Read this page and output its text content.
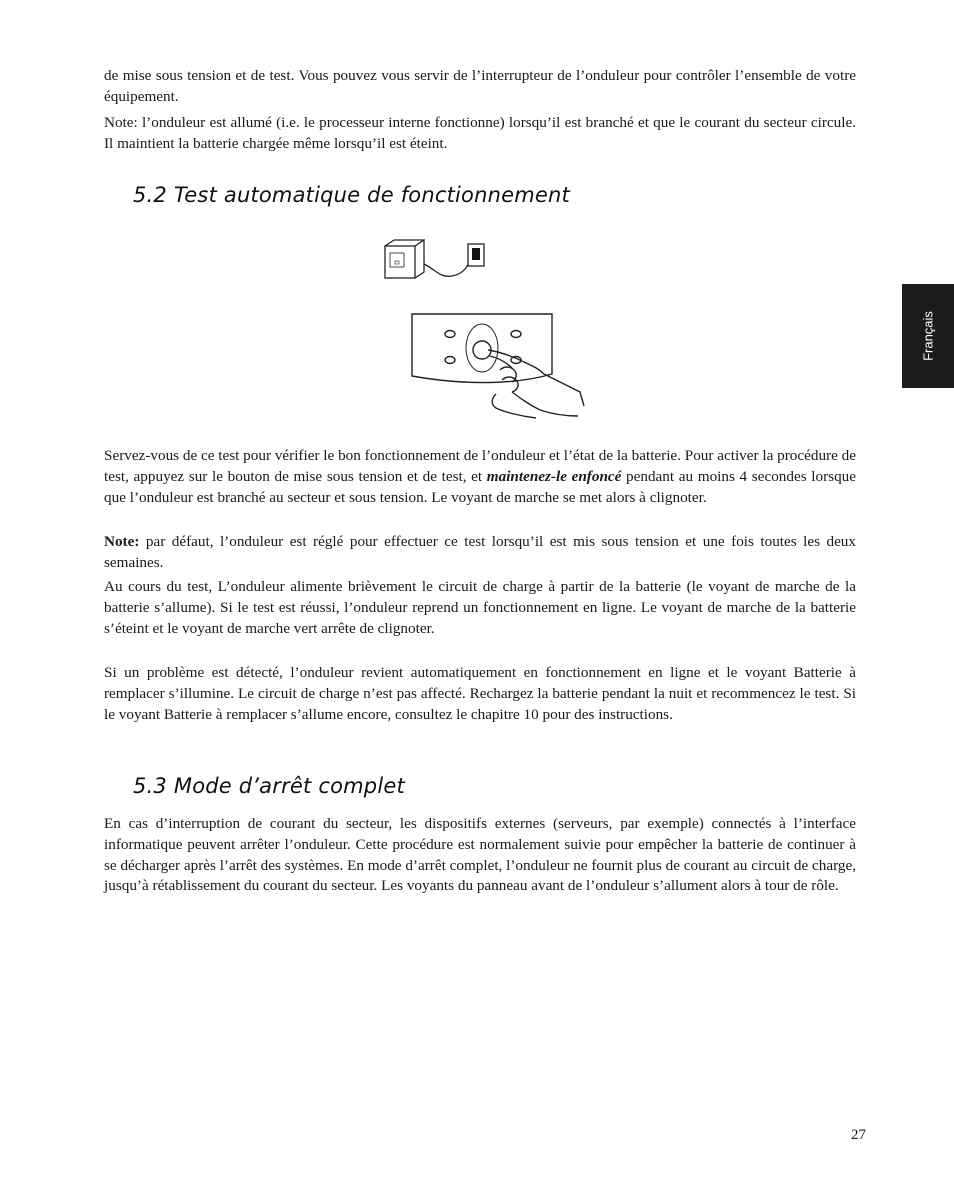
de mise sous tension et de test. Vous pouvez vous servir de l’interrupteur de l’onduleur pour contrôler l’ensemble de votre équipement.

Note: l’onduleur est allumé (i.e. le processeur interne fonctionne) lorsqu’il est branché et que le courant du secteur circule. Il maintient la batterie chargée même lorsqu’il est éteint.

5.2 Test automatique de fonctionnement

Servez-vous de ce test pour vérifier le bon fonctionnement de l’onduleur et l’état de la batterie. Pour activer la procédure de test, appuyez sur le bouton de mise sous tension et de test, et maintenez-le enfoncé pendant au moins 4 secondes lorsque que l’onduleur est branché au secteur et sous tension. Le voyant de marche se met alors à clignoter.

Note: par défaut, l’onduleur est réglé pour effectuer ce test lorsqu’il est mis sous tension et une fois toutes les deux semaines.

Au cours du test, L’onduleur alimente brièvement le circuit de charge à partir de la batterie (le voyant de marche de la batterie s’allume). Si le test est réussi, l’onduleur reprend un fonctionnement en ligne. Le voyant de marche de la batterie s’éteint et le voyant de marche vert arrête de clignoter.

Si un problème est détecté, l’onduleur revient automatiquement en fonctionnement en ligne et le voyant Batterie à remplacer s’illumine. Le circuit de charge n’est pas affecté. Rechargez la batterie pendant la nuit et recommencez le test. Si le voyant Batterie à remplacer s’allume encore, consultez le chapitre 10 pour des instructions.

5.3 Mode d’arrêt complet

En cas d’interruption de courant du secteur, les dispositifs externes (serveurs, par exemple) connectés à l’interface informatique peuvent arrêter l’onduleur. Cette procédure est normalement suivie pour empêcher la batterie de continuer à se décharger après l’arrêt des systèmes. En mode d’arrêt complet, l’onduleur ne fournit plus de courant au circuit de charge, jusqu’à rétablissement du courant du secteur. Les voyants du panneau avant de l’onduleur s’allument alors à tour de rôle.

Français
27
